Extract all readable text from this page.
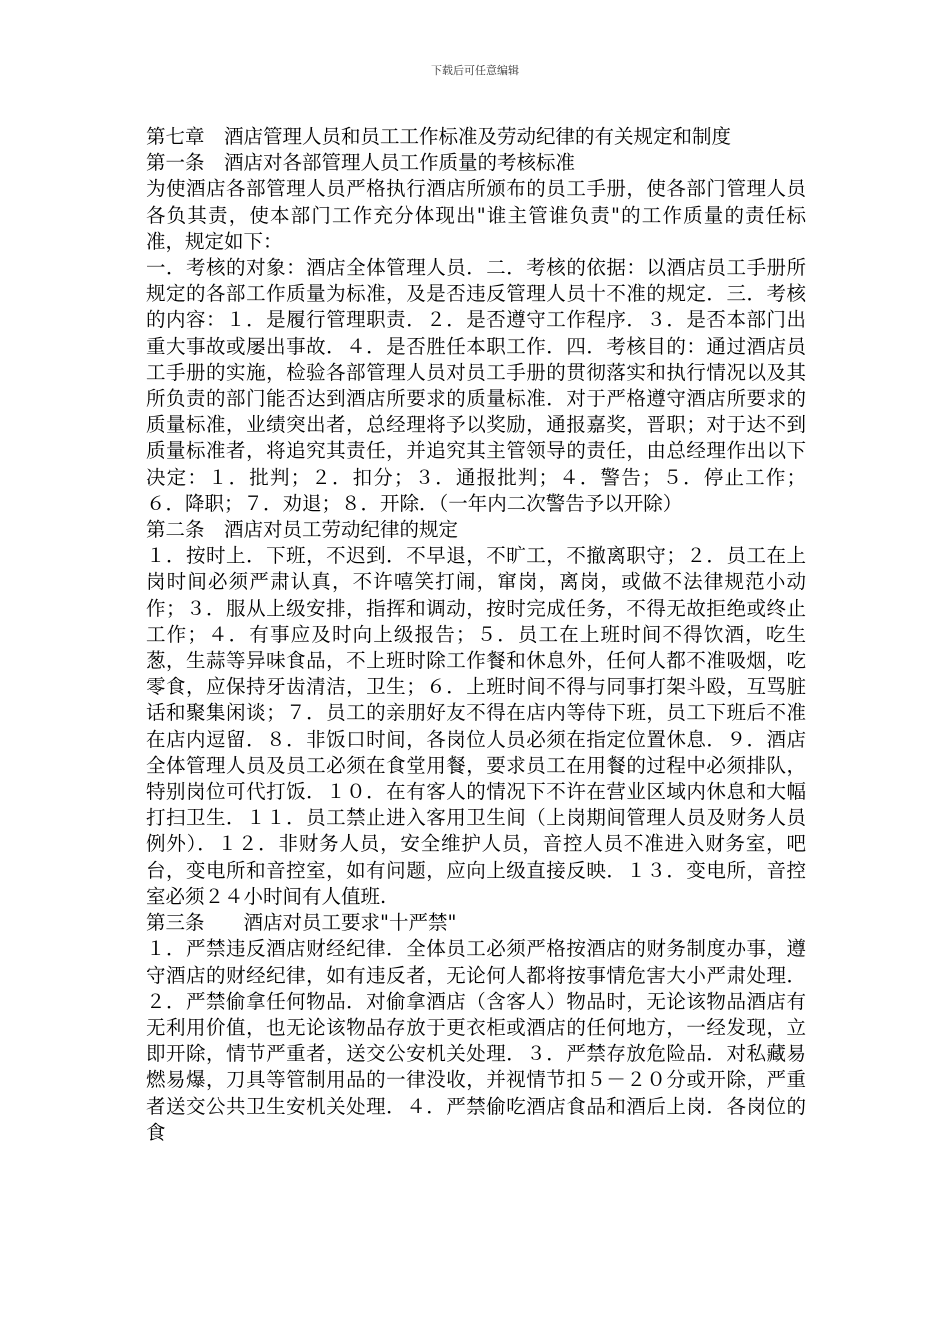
下载后可任意编辑

第七章　酒店管理人员和员工工作标准及劳动纪律的有关规定和制度

第一条　酒店对各部管理人员工作质量的考核标准

为使酒店各部管理人员严格执行酒店所颁布的员工手册，使各部门管理人员各负其责，使本部门工作充分体现出"谁主管谁负责"的工作质量的责任标准，规定如下：

一．考核的对象：酒店全体管理人员．二．考核的依据：以酒店员工手册所规定的各部工作质量为标准，及是否违反管理人员十不准的规定．三．考核的内容：１．是履行管理职责．２．是否遵守工作程序．３．是否本部门出重大事故或屡出事故．４．是否胜任本职工作．四．考核目的：通过酒店员工手册的实施，检验各部管理人员对员工手册的贯彻落实和执行情况以及其所负责的部门能否达到酒店所要求的质量标准．对于严格遵守酒店所要求的质量标准，业绩突出者，总经理将予以奖励，通报嘉奖，晋职；对于达不到质量标准者，将追究其责任，并追究其主管领导的责任，由总经理作出以下决定：１．批判；２．扣分；３．通报批判；４．警告；５．停止工作；６．降职；７．劝退；８．开除．（一年内二次警告予以开除）

第二条　酒店对员工劳动纪律的规定

１．按时上．下班，不迟到．不早退，不旷工，不撤离职守；２．员工在上岗时间必须严肃认真，不许嘻笑打闹，窜岗，离岗，或做不法律规范小动作；３．服从上级安排，指挥和调动，按时完成任务，不得无故拒绝或终止工作；４．有事应及时向上级报告；５．员工在上班时间不得饮酒，吃生葱，生蒜等异味食品，不上班时除工作餐和休息外，任何人都不准吸烟，吃零食，应保持牙齿清洁，卫生；６．上班时间不得与同事打架斗殴，互骂脏话和聚集闲谈；７．员工的亲朋好友不得在店内等侍下班，员工下班后不准在店内逗留．８．非饭口时间，各岗位人员必须在指定位置休息．９．酒店全体管理人员及员工必须在食堂用餐，要求员工在用餐的过程中必须排队，特别岗位可代打饭．１０．在有客人的情况下不许在营业区域内休息和大幅打扫卫生．１１．员工禁止进入客用卫生间（上岗期间管理人员及财务人员例外）．１２．非财务人员，安全维护人员，音控人员不准进入财务室，吧台，变电所和音控室，如有问题，应向上级直接反映．１３．变电所，音控室必须２４小时间有人值班.

第三条　　酒店对员工要求"十严禁"

１．严禁违反酒店财经纪律．全体员工必须严格按酒店的财务制度办事，遵守酒店的财经纪律，如有违反者，无论何人都将按事情危害大小严肃处理．２．严禁偷拿任何物品．对偷拿酒店（含客人）物品时，无论该物品酒店有无利用价值，也无论该物品存放于更衣柜或酒店的任何地方，一经发现，立即开除，情节严重者，送交公安机关处理．３．严禁存放危险品．对私藏易燃易爆，刀具等管制用品的一律没收，并视情节扣５－２０分或开除，严重者送交公共卫生安机关处理．４．严禁偷吃酒店食品和酒后上岗．各岗位的食
